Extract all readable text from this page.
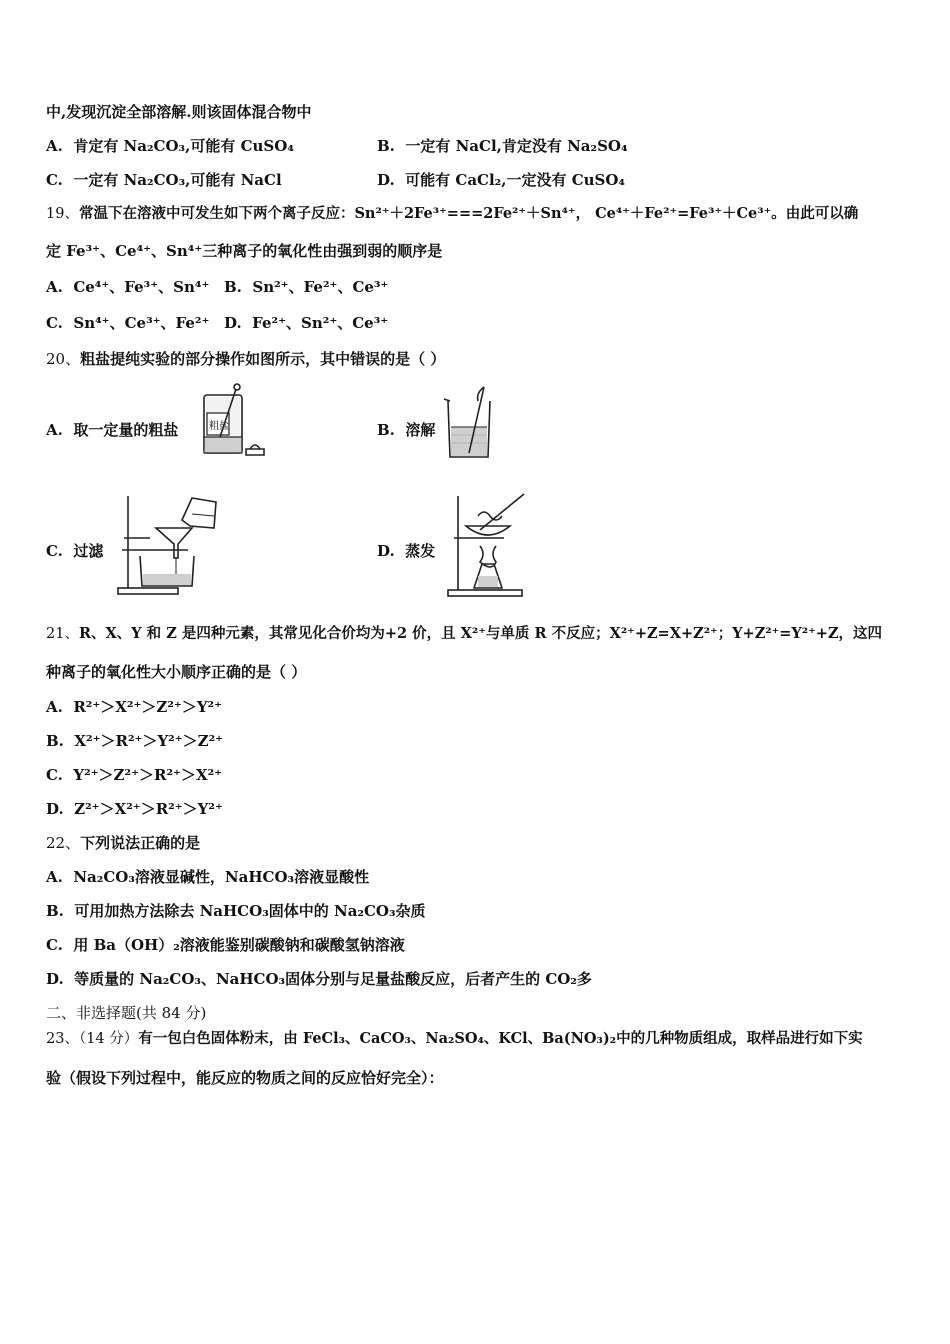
中,发现沉淀全部溶解.则该固体混合物中
A. 肯定有 Na₂CO₃,可能有 CuSO₄	B. 一定有 NaCl,肯定没有 Na₂SO₄
C. 一定有 Na₂CO₃,可能有 NaCl	D. 可能有 CaCl₂,一定没有 CuSO₄
19、常温下在溶液中可发生如下两个离子反应：Sn²⁺＋2Fe³⁺===2Fe²⁺＋Sn⁴⁺， Ce⁴⁺＋Fe²⁺=Fe³⁺＋Ce³⁺。由此可以确
定 Fe³⁺、Ce⁴⁺、Sn⁴⁺三种离子的氧化性由强到弱的顺序是
A. Ce⁴⁺、Fe³⁺、Sn⁴⁺ B. Sn²⁺、Fe²⁺、Ce³⁺
C. Sn⁴⁺、Ce³⁺、Fe²⁺ D. Fe²⁺、Sn²⁺、Ce³⁺
20、粗盐提纯实验的部分操作如图所示，其中错误的是（ ）
A. 取一定量的粗盐	B. 溶解
C. 过滤	D. 蒸发
粗盐
21、R、X、Y 和 Z 是四种元素，其常见化合价均为+2 价，且 X²⁺与单质 R 不反应；X²⁺+Z=X+Z²⁺；Y+Z²⁺=Y²⁺+Z，这四
种离子的氧化性大小顺序正确的是（ ）
A. R²⁺＞X²⁺＞Z²⁺＞Y²⁺
B. X²⁺＞R²⁺＞Y²⁺＞Z²⁺
C. Y²⁺＞Z²⁺＞R²⁺＞X²⁺
D. Z²⁺＞X²⁺＞R²⁺＞Y²⁺
22、下列说法正确的是
A. Na₂CO₃溶液显碱性，NaHCO₃溶液显酸性
B. 可用加热方法除去 NaHCO₃固体中的 Na₂CO₃杂质
C. 用 Ba（OH）₂溶液能鉴别碳酸钠和碳酸氢钠溶液
D. 等质量的 Na₂CO₃、NaHCO₃固体分别与足量盐酸反应，后者产生的 CO₂多
二、非选择题(共 84 分)
23、（14 分）有一包白色固体粉末，由 FeCl₃、CaCO₃、Na₂SO₄、KCl、Ba(NO₃)₂中的几种物质组成，取样品进行如下实
验（假设下列过程中，能反应的物质之间的反应恰好完全）：
